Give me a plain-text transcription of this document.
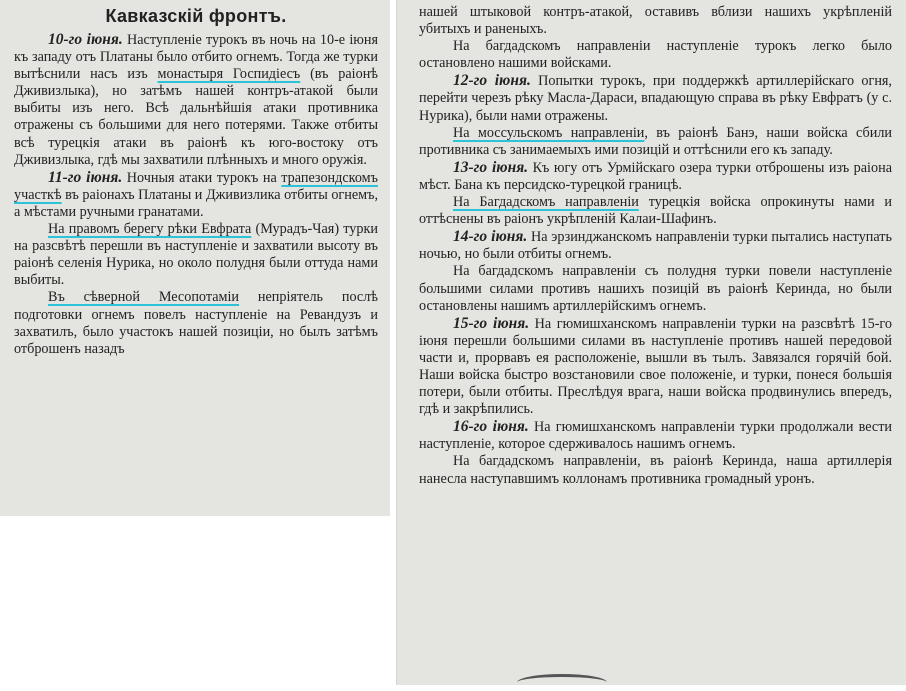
Кавказскій фронтъ.

10-го іюня. Наступленіе турокъ въ ночь на 10-е іюня къ западу отъ Платаны было отбито огнемъ. Тогда же турки вытѣснили насъ изъ монастыря Госпидіесъ (въ раіонѣ Дживизлыка), но затѣмъ нашей контръ-атакой были выбиты изъ него. Всѣ дальнѣйшія атаки противника отражены съ большими для него потерями. Также отбиты всѣ турецкія атаки въ раіонѣ къ юго-востоку отъ Дживизлыка, гдѣ мы захватили плѣнныхъ и много оружія.

11-го іюня. Ночныя атаки турокъ на трапезондскомъ участкѣ въ раіонахъ Платаны и Дживизлика отбиты огнемъ, а мѣстами ручными гранатами.

На правомъ берегу рѣки Евфрата (Мурадъ-Чая) турки на разсвѣтѣ перешли въ наступленіе и захватили высоту въ раіонѣ селенія Нурика, но около полудня были оттуда нами выбиты.

Въ сѣверной Месопотаміи непріятель послѣ подготовки огнемъ повелъ наступленіе на Ревандузъ и захватилъ, было участокъ нашей позиціи, но былъ затѣмъ отброшенъ назадъ

нашей штыковой контръ-атакой, оставивъ вблизи нашихъ укрѣпленій убитыхъ и раненыхъ.

На багдадскомъ направленіи наступленіе турокъ легко было остановлено нашими войсками.

12-го іюня. Попытки турокъ, при поддержкѣ артиллерійскаго огня, перейти черезъ рѣку Масла-Дараси, впадающую справа въ рѣку Евфратъ (у с. Нурика), были нами отражены.

На моссульскомъ направленіи, въ раіонѣ Банэ, наши войска сбили противника съ занимаемыхъ ими позицій и оттѣснили его къ западу.

13-го іюня. Къ югу отъ Урмійскаго озера турки отброшены изъ раіона мѣст. Бана къ персидско-турецкой границѣ.

На Багдадскомъ направленіи турецкія войска опрокинуты нами и оттѣснены въ раіонъ укрѣпленій Калаи-Шафинъ.

14-го іюня. На эрзинджанскомъ направленіи турки пытались наступать ночью, но были отбиты огнемъ.

На багдадскомъ направленіи съ полудня турки повели наступленіе большими силами противъ нашихъ позицій въ раіонѣ Керинда, но были остановлены нашимъ артиллерійскимъ огнемъ.

15-го іюня. На гюмишханскомъ направленіи турки на разсвѣтѣ 15-го іюня перешли большими силами въ наступленіе противъ нашей передовой части и, прорвавъ ея расположеніе, вышли въ тылъ. Завязался горячій бой. Наши войска быстро возстановили свое положеніе, и турки, понеся большія потери, были отбиты. Преслѣдуя врага, наши войска продвинулись впередъ, гдѣ и закрѣпились.

16-го іюня. На гюмишханскомъ направленіи турки продолжали вести наступленіе, которое сдерживалось нашимъ огнемъ.

На багдадскомъ направленіи, въ раіонѣ Керинда, наша артиллерія нанесла наступавшимъ коллонамъ противника громадный уронъ.
